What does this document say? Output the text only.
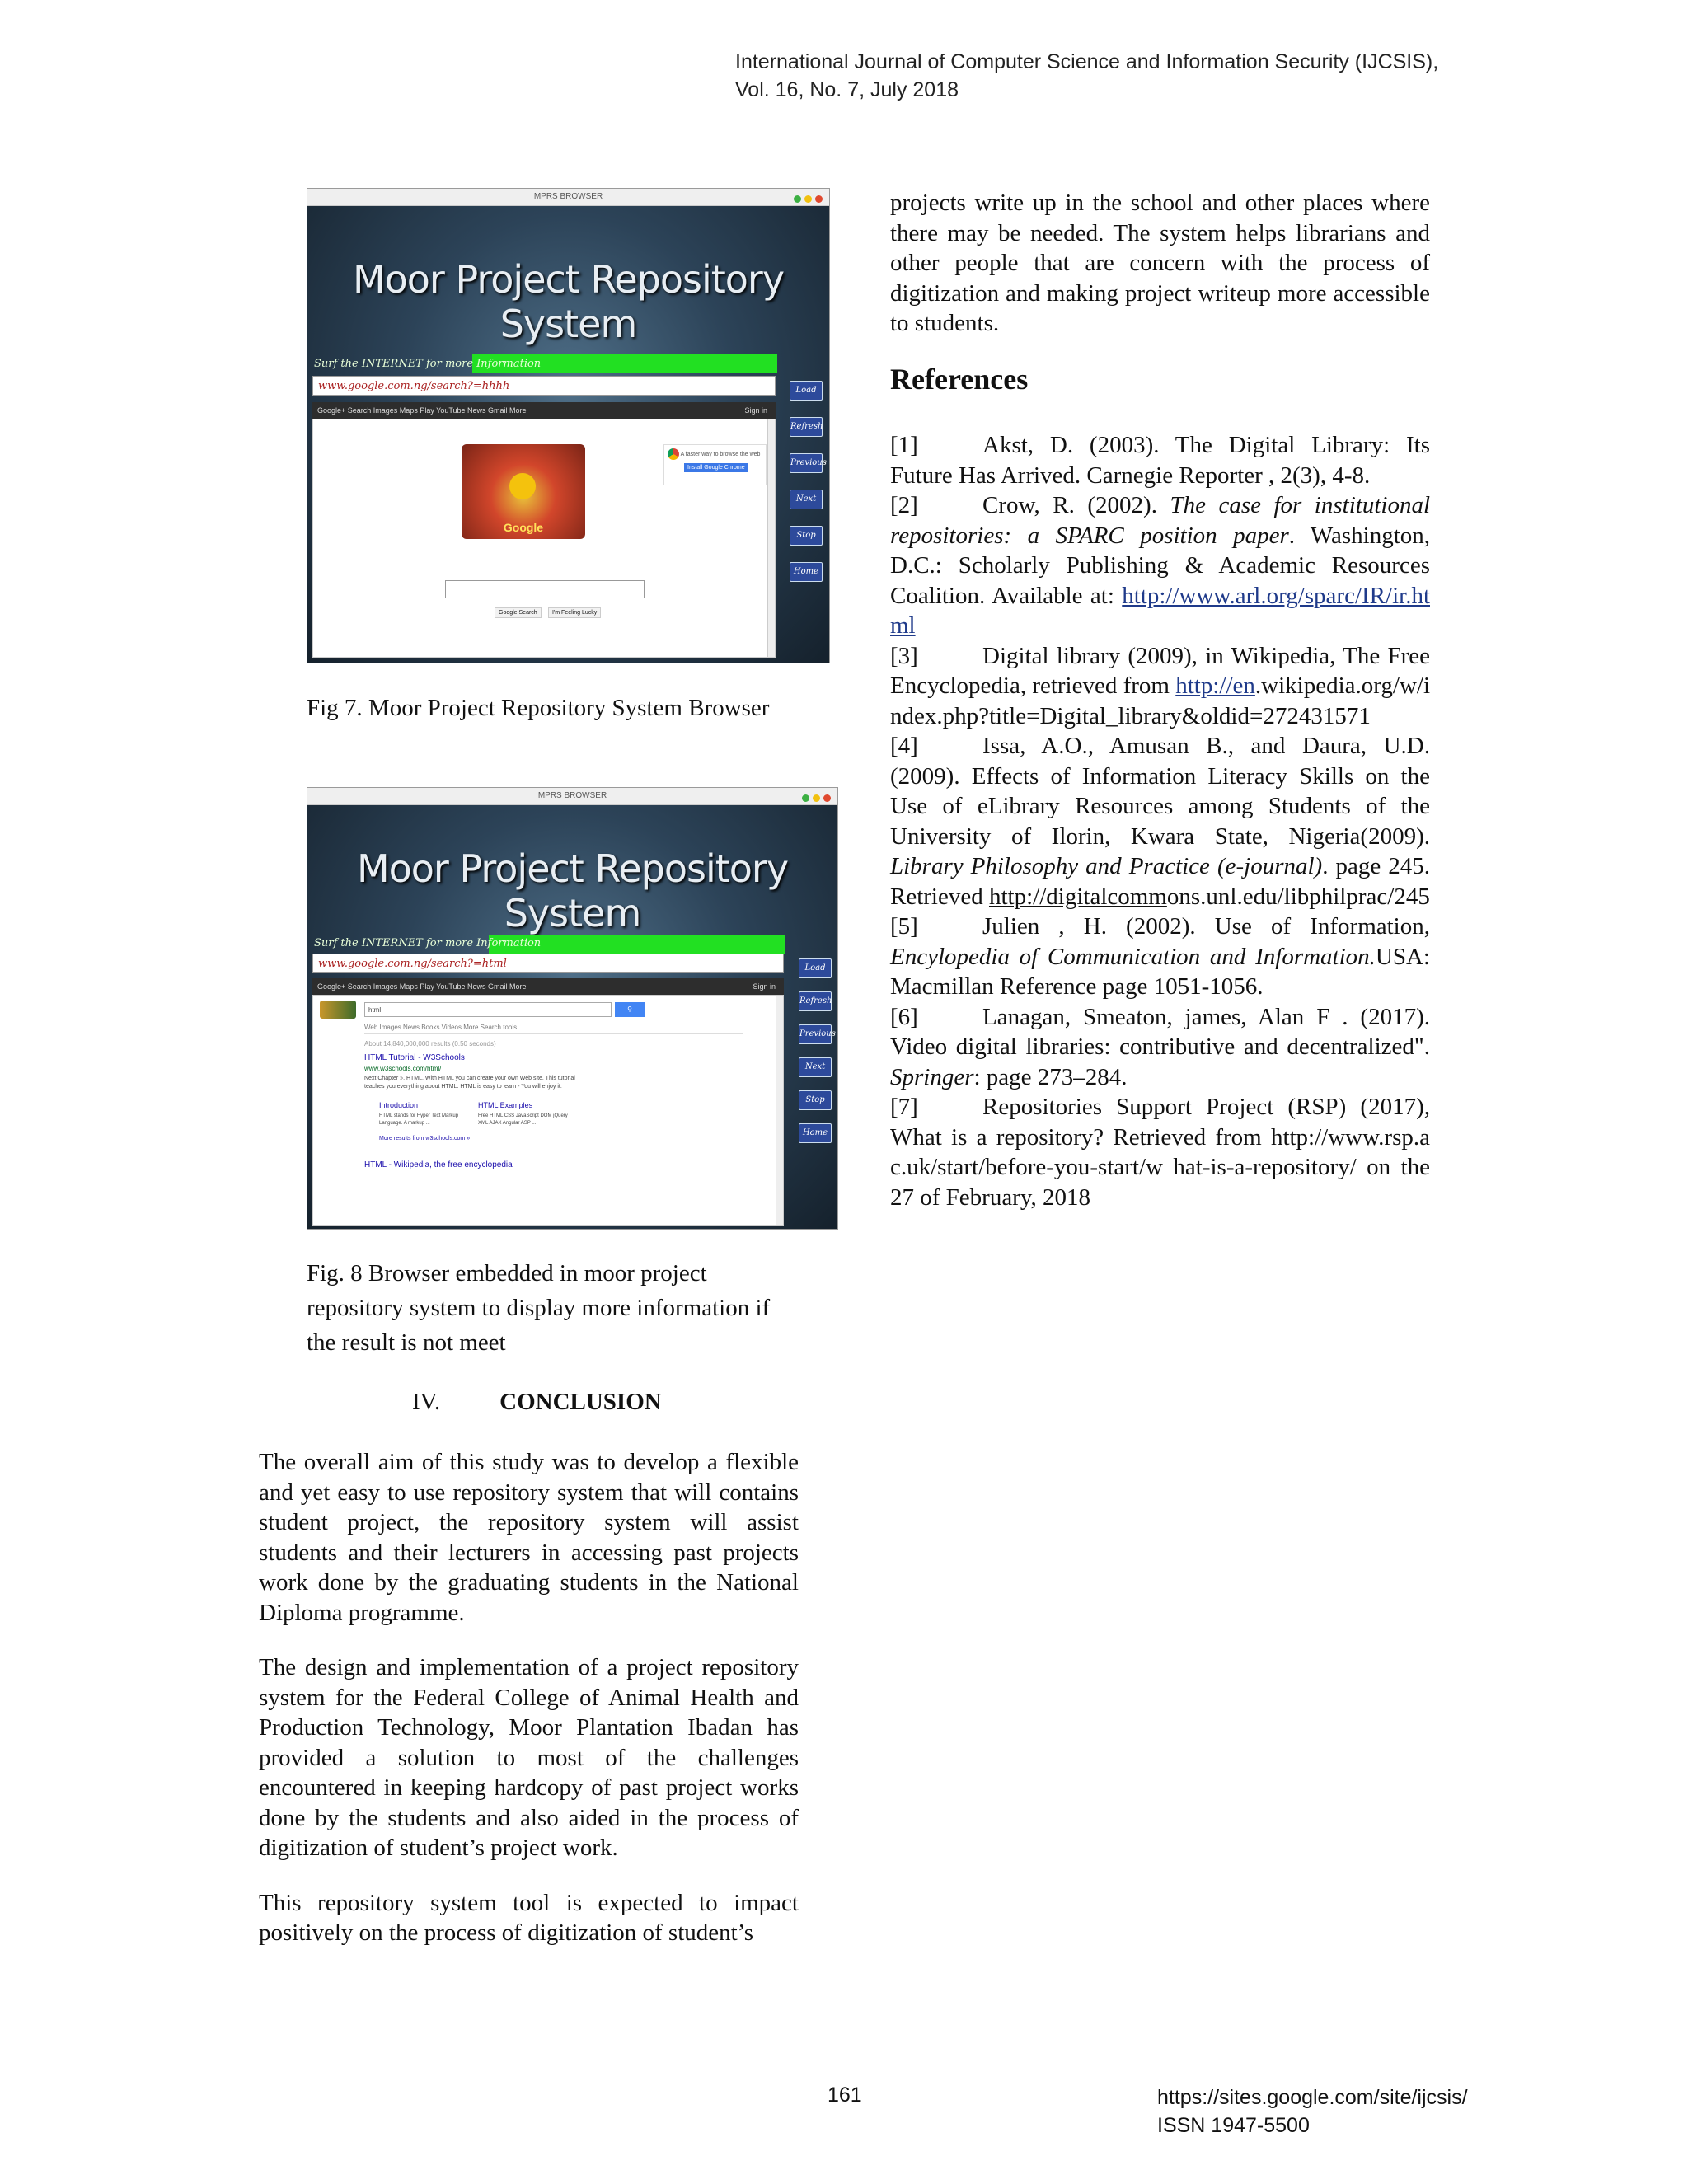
International Journal of Computer Science and Information Security (IJCSIS),
Vol. 16, No. 7, July 2018
MPRS BROWSER
Moor Project Repository System
Surf the INTERNET for more Information
www.google.com.ng/search?=hhhh
Google+ Search Images Maps Play YouTube News Gmail More	Sign in
Google
A faster way to browse the web Install Google Chrome
Google Search	I'm Feeling Lucky
Load
Refresh
Previous
Next
Stop
Home
Fig 7. Moor Project Repository System Browser
MPRS BROWSER
Moor Project Repository System
Surf the INTERNET for more Information
www.google.com.ng/search?=html
Google+ Search Images Maps Play YouTube News Gmail More	Sign in
html	⚲
Web Images News Books Videos More Search tools
About 14,840,000,000 results (0.50 seconds)
HTML Tutorial - W3Schools
www.w3schools.com/html/
Next Chapter ». HTML. With HTML you can create your own Web site. This tutorial teaches you everything about HTML. HTML is easy to learn - You will enjoy it.
Introduction
HTML stands for Hyper Text Markup Language. A markup ...
HTML Examples
Free HTML CSS JavaScript DOM jQuery XML AJAX Angular ASP ...
More results from w3schools.com »
HTML - Wikipedia, the free encyclopedia
Load
Refresh
Previous
Next
Stop
Home
Fig. 8 Browser embedded in moor project repository system to display more information if the result is not meet
IV. CONCLUSION

The overall aim of this study was to develop a flexible and yet easy to use repository system that will contains student project, the repository system will assist students and their lecturers in accessing past projects work done by the graduating students in the National Diploma programme.

The design and implementation of a project repository system for the Federal College of Animal Health and Production Technology, Moor Plantation Ibadan has provided a solution to most of the challenges encountered in keeping hardcopy of past project works done by the students and also aided in the process of digitization of student’s project work.

This repository system tool is expected to impact positively on the process of digitization of student’s

projects write up in the school and other places where there may be needed. The system helps librarians and other people that are concern with the process of digitization and making project writeup more accessible to students.
References

[1]	Akst, D. (2003). The Digital Library: Its Future Has Arrived. Carnegie Reporter , 2(3), 4-8.

[2]	Crow, R. (2002). The case for institutional repositories: a SPARC position paper. Washington, D.C.: Scholarly Publishing & Academic Resources Coalition. Available at: http://www.arl.org/sparc/IR/ir.html

[3]	Digital library (2009), in Wikipedia, The Free Encyclopedia, retrieved from http://en.wikipedia.org/w/index.php?title=Digital_library&oldid=272431571

[4]	Issa, A.O., Amusan B., and Daura, U.D. (2009). Effects of Information Literacy Skills on the Use of eLibrary Resources among Students of the University of Ilorin, Kwara State, Nigeria(2009). Library Philosophy and Practice (e-journal). page 245. Retrieved http://digitalcommons.unl.edu/libphilprac/245

[5]	Julien , H. (2002). Use of Information, Encylopedia of Communication and Information.USA: Macmillan Reference page 1051-1056.

[6]	Lanagan, Smeaton, james, Alan F . (2017). Video digital libraries: contributive and decentralized". Springer: page 273–284.

[7]	Repositories Support Project (RSP) (2017), What is a repository? Retrieved from http://www.rsp.a c.uk/start/before-you-start/w hat-is-a-repository/ on the 27 of February, 2018

161	https://sites.google.com/site/ijcsis/
ISSN 1947-5500
